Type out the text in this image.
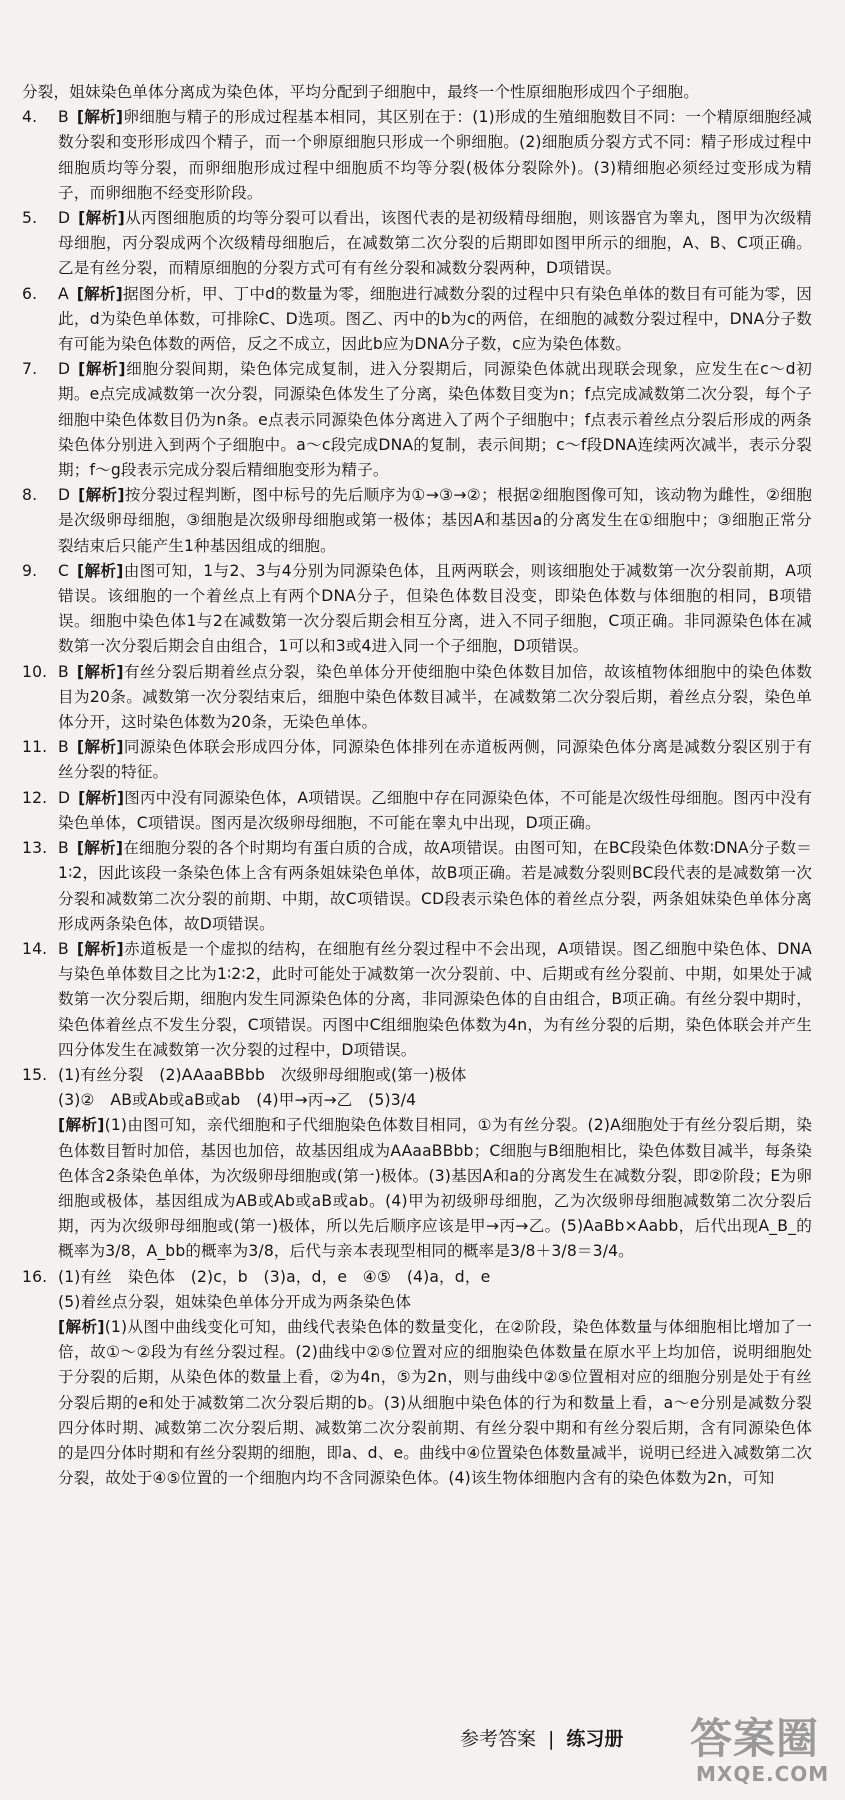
分裂，姐妹染色单体分离成为染色体，平均分配到子细胞中，最终一个性原细胞形成四个子细胞。

4.	B  [解析]卵细胞与精子的形成过程基本相同，其区别在于：(1)形成的生殖细胞数目不同：一个精原细胞经减数分裂和变形形成四个精子，而一个卵原细胞只形成一个卵细胞。(2)细胞质分裂方式不同：精子形成过程中细胞质均等分裂，而卵细胞形成过程中细胞质不均等分裂(极体分裂除外)。(3)精细胞必须经过变形成为精子，而卵细胞不经变形阶段。

5.	D  [解析]从丙图细胞质的均等分裂可以看出，该图代表的是初级精母细胞，则该器官为睾丸，图甲为次级精母细胞，丙分裂成两个次级精母细胞后，在减数第二次分裂的后期即如图甲所示的细胞，A、B、C项正确。乙是有丝分裂，而精原细胞的分裂方式可有有丝分裂和减数分裂两种，D项错误。

6.	A  [解析]据图分析，甲、丁中d的数量为零，细胞进行减数分裂的过程中只有染色单体的数目有可能为零，因此，d为染色单体数，可排除C、D选项。图乙、丙中的b为c的两倍，在细胞的减数分裂过程中，DNA分子数有可能为染色体数的两倍，反之不成立，因此b应为DNA分子数，c应为染色体数。

7.	D  [解析]细胞分裂间期，染色体完成复制，进入分裂期后，同源染色体就出现联会现象，应发生在c～d初期。e点完成减数第一次分裂，同源染色体发生了分离，染色体数目变为n；f点完成减数第二次分裂，每个子细胞中染色体数目仍为n条。e点表示同源染色体分离进入了两个子细胞中；f点表示着丝点分裂后形成的两条染色体分别进入到两个子细胞中。a～c段完成DNA的复制，表示间期；c～f段DNA连续两次减半，表示分裂期；f～g段表示完成分裂后精细胞变形为精子。

8.	D  [解析]按分裂过程判断，图中标号的先后顺序为①→③→②；根据②细胞图像可知，该动物为雌性，②细胞是次级卵母细胞，③细胞是次级卵母细胞或第一极体；基因A和基因a的分离发生在①细胞中；③细胞正常分裂结束后只能产生1种基因组成的细胞。

9.	C  [解析]由图可知，1与2、3与4分别为同源染色体，且两两联会，则该细胞处于减数第一次分裂前期，A项错误。该细胞的一个着丝点上有两个DNA分子，但染色体数目没变，即染色体数与体细胞的相同，B项错误。细胞中染色体1与2在减数第一次分裂后期会相互分离，进入不同子细胞，C项正确。非同源染色体在减数第一次分裂后期会自由组合，1可以和3或4进入同一个子细胞，D项错误。

10. B  [解析]有丝分裂后期着丝点分裂，染色单体分开使细胞中染色体数目加倍，故该植物体细胞中的染色体数目为20条。减数第一次分裂结束后，细胞中染色体数目减半，在减数第二次分裂后期，着丝点分裂，染色单体分开，这时染色体数为20条，无染色单体。

11. B  [解析]同源染色体联会形成四分体，同源染色体排列在赤道板两侧，同源染色体分离是减数分裂区别于有丝分裂的特征。

12. D  [解析]图丙中没有同源染色体，A项错误。乙细胞中存在同源染色体，不可能是次级性母细胞。图丙中没有染色单体，C项错误。图丙是次级卵母细胞，不可能在睾丸中出现，D项正确。

13. B  [解析]在细胞分裂的各个时期均有蛋白质的合成，故A项错误。由图可知，在BC段染色体数∶DNA分子数＝1∶2，因此该段一条染色体上含有两条姐妹染色单体，故B项正确。若是减数分裂则BC段代表的是减数第一次分裂和减数第二次分裂的前期、中期，故C项错误。CD段表示染色体的着丝点分裂，两条姐妹染色单体分离形成两条染色体，故D项错误。

14. B  [解析]赤道板是一个虚拟的结构，在细胞有丝分裂过程中不会出现，A项错误。图乙细胞中染色体、DNA与染色单体数目之比为1∶2∶2，此时可能处于减数第一次分裂前、中、后期或有丝分裂前、中期，如果处于减数第一次分裂后期，细胞内发生同源染色体的分离，非同源染色体的自由组合，B项正确。有丝分裂中期时，染色体着丝点不发生分裂，C项错误。丙图中C组细胞染色体数为4n，为有丝分裂的后期，染色体联会并产生四分体发生在减数第一次分裂的过程中，D项错误。

15. (1)有丝分裂　(2)AAaaBBbb　次级卵母细胞或(第一)极体

(3)②　AB或Ab或aB或ab　(4)甲→丙→乙　(5)3/4

[解析](1)由图可知，亲代细胞和子代细胞染色体数目相同，①为有丝分裂。(2)A细胞处于有丝分裂后期，染色体数目暂时加倍，基因也加倍，故基因组成为AAaaBBbb；C细胞与B细胞相比，染色体数目减半，每条染色体含2条染色单体，为次级卵母细胞或(第一)极体。(3)基因A和a的分离发生在减数分裂，即②阶段；E为卵细胞或极体，基因组成为AB或Ab或aB或ab。(4)甲为初级卵母细胞，乙为次级卵母细胞减数第二次分裂后期，丙为次级卵母细胞或(第一)极体，所以先后顺序应该是甲→丙→乙。(5)AaBb×Aabb，后代出现A_B_的概率为3/8，A_bb的概率为3/8，后代与亲本表现型相同的概率是3/8＋3/8＝3/4。

16. (1)有丝　染色体　(2)c，b　(3)a，d，e　④⑤　(4)a，d，e

(5)着丝点分裂，姐妹染色单体分开成为两条染色体

[解析](1)从图中曲线变化可知，曲线代表染色体的数量变化，在②阶段，染色体数量与体细胞相比增加了一倍，故①～②段为有丝分裂过程。(2)曲线中②⑤位置对应的细胞染色体数量在原水平上均加倍，说明细胞处于分裂的后期，从染色体的数量上看，②为4n，⑤为2n，则与曲线中②⑤位置相对应的细胞分别是处于有丝分裂后期的e和处于减数第二次分裂后期的b。(3)从细胞中染色体的行为和数量上看，a～e分别是减数分裂四分体时期、减数第二次分裂后期、减数第二次分裂前期、有丝分裂中期和有丝分裂后期，含有同源染色体的是四分体时期和有丝分裂期的细胞，即a、d、e。曲线中④位置染色体数量减半，说明已经进入减数第二次分裂，故处于④⑤位置的一个细胞内均不含同源染色体。(4)该生物体细胞内含有的染色体数为2n，可知

参考答案 | 练习册 答案圈
MXQE.COM
